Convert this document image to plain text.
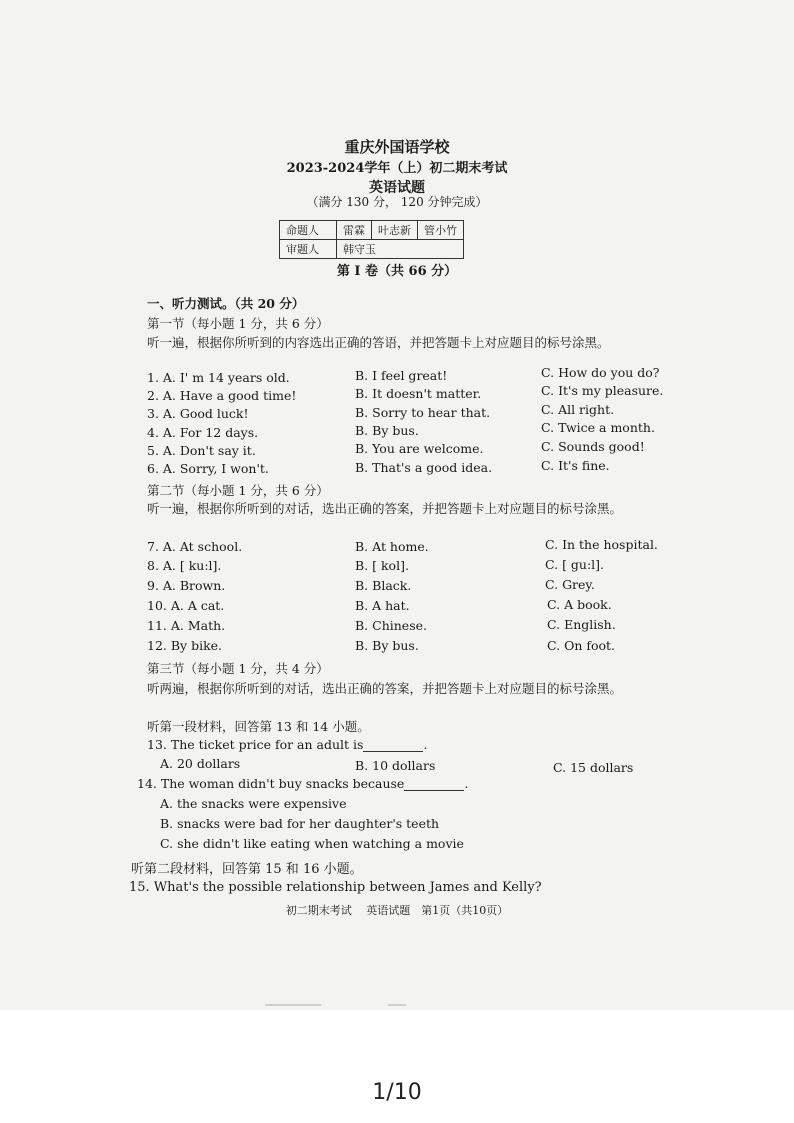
重庆外国语学校
2023-2024学年（上）初二期末考试
英语试题
（满分 130 分， 120 分钟完成）
命题人	雷霖	叶志新	管小竹
审题人	韩守玉		
第 I 卷（共 66 分）
一、听力测试。（共 20 分）
第一节（每小题 1 分，共 6 分）
听一遍，根据你所听到的内容选出正确的答语，并把答题卡上对应题目的标号涂黑。
1. A. I' m 14 years old.	B. I feel great!	C. How do you do?
2. A. Have a good time!	B. It doesn't matter.	C. It's my pleasure.
3. A. Good luck!	B. Sorry to hear that.	C. All right.
4. A. For 12 days.	B. By bus.	C. Twice a month.
5. A. Don't say it.	B. You are welcome.	C. Sounds good!
6. A. Sorry, I won't.	B. That's a good idea.	C. It's fine.
第二节（每小题 1 分，共 6 分）
听一遍，根据你所听到的对话，选出正确的答案，并把答题卡上对应题目的标号涂黑。
7. A. At school.	B. At home.	C. In the hospital.
8. A. [ ku:l].	B. [ kol].	C. [ gu:l].
9. A. Brown.	B. Black.	C. Grey.
10. A. A cat.	B. A hat.	C. A book.
11. A. Math.	B. Chinese.	C. English.
12. By bike.	B. By bus.	C. On foot.
第三节（每小题 1 分，共 4 分）
听两遍，根据你所听到的对话，选出正确的答案，并把答题卡上对应题目的标号涂黑。
听第一段材料，回答第 13 和 14 小题。
13. The ticket price for an adult is	.
A. 20 dollars	B. 10 dollars	C. 15 dollars
14. The woman didn't buy snacks because	.
A. the snacks were expensive
B. snacks were bad for her daughter's teeth
C. she didn't like eating when watching a movie
听第二段材料，回答第 15 和 16 小题。
15. What's the possible relationship between James and Kelly?
初二期末考试　 英语试题　第1页（共10页）
1/10
